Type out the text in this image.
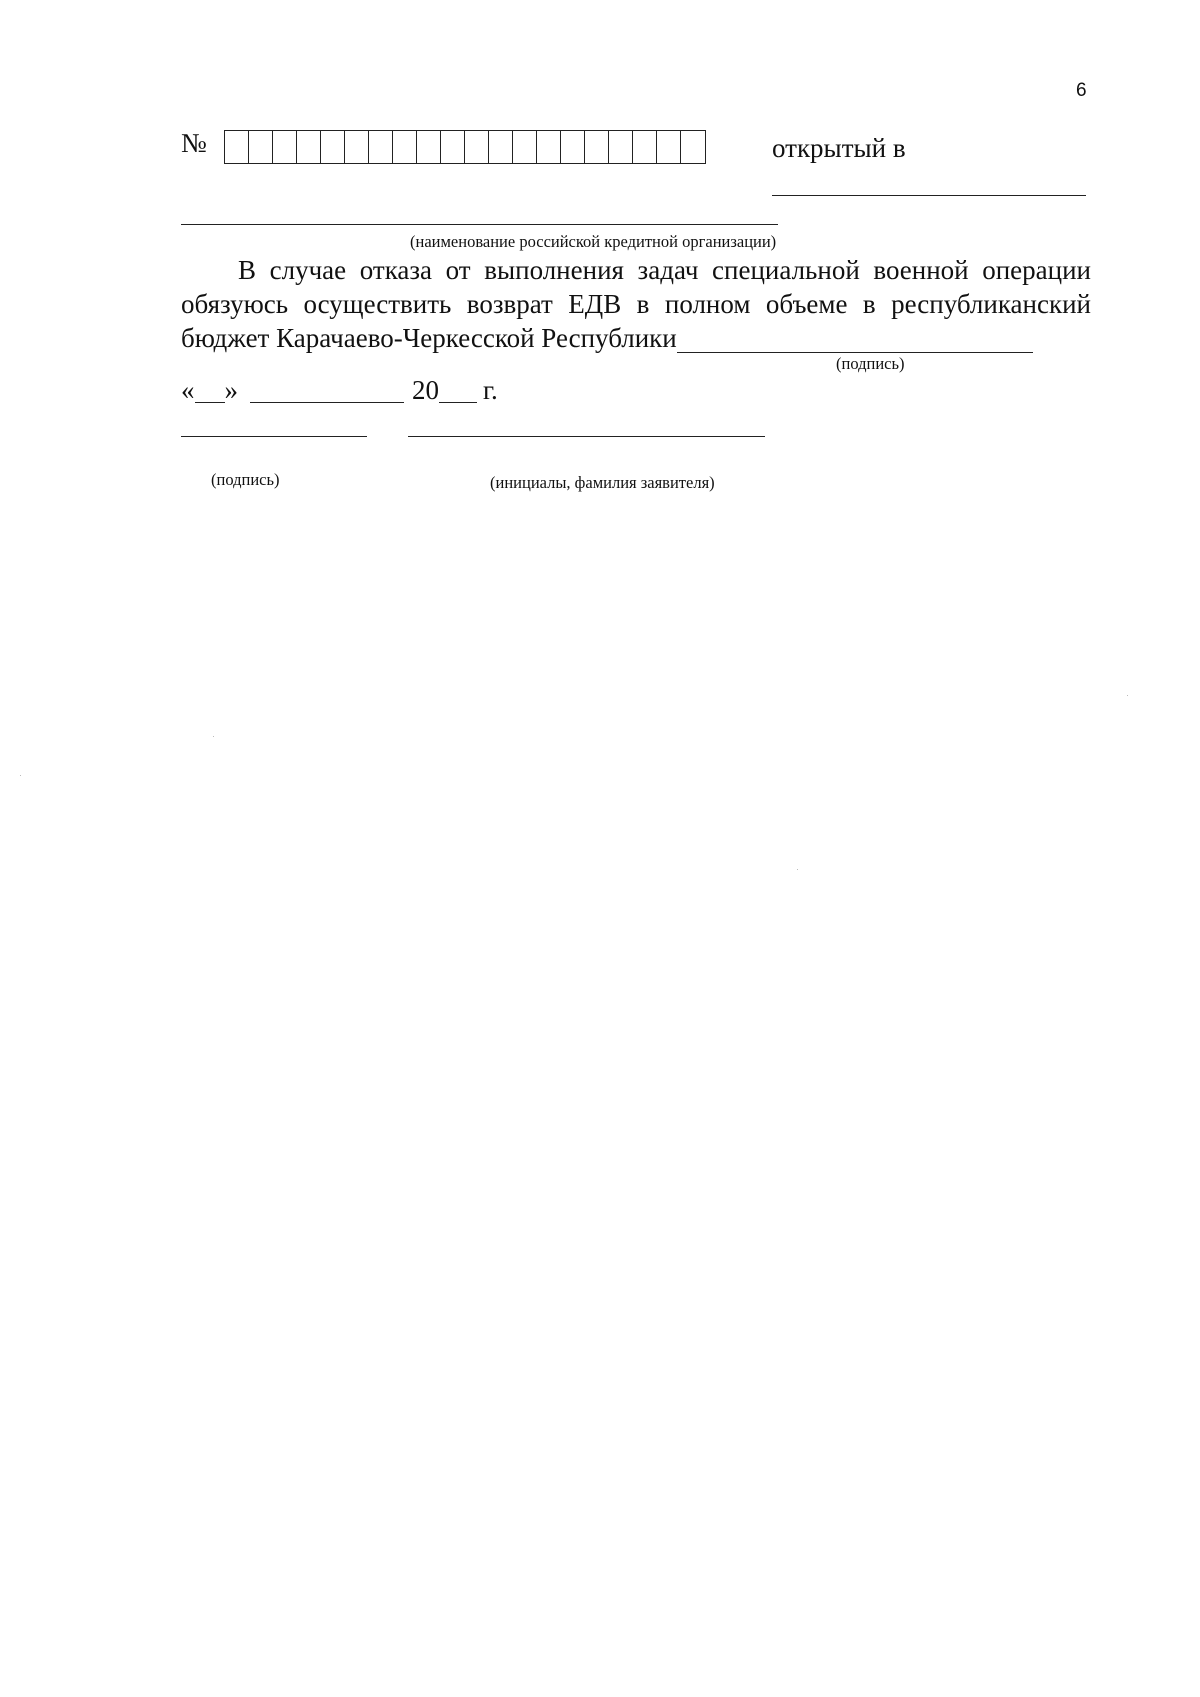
6
№	открытый в
(наименование российской кредитной организации)
В случае отказа от выполнения задач специальной военной операции
обязуюсь осуществить возврат ЕДВ в полном объеме в республиканский
бюджет Карачаево-Черкесской Республики
(подпись)
« »	20 г.
(подпись)	(инициалы, фамилия заявителя)
